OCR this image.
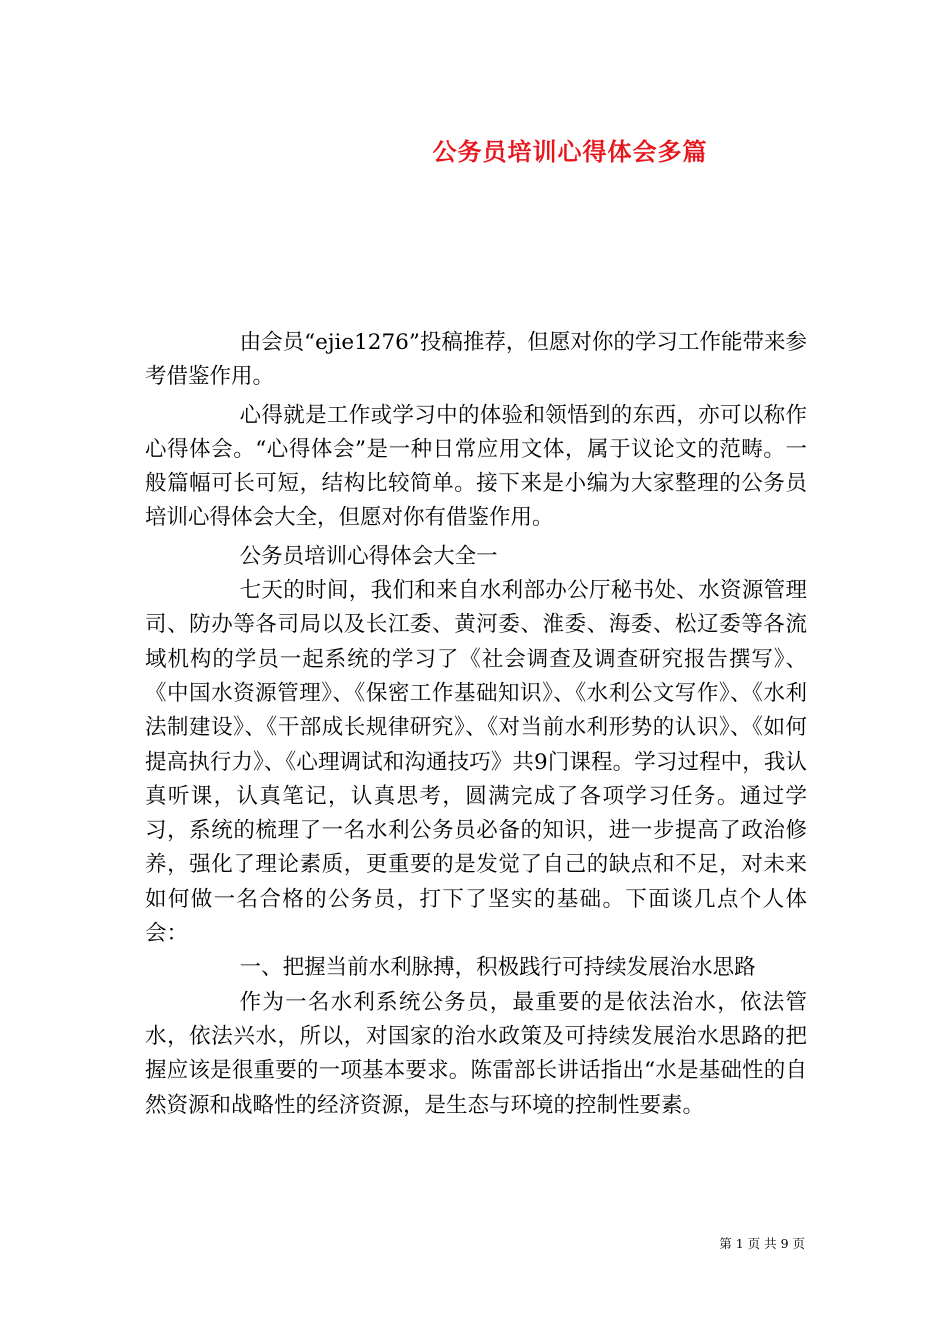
公务员培训心得体会多篇

由会员“ejie1276”投稿推荐，但愿对你的学习工作能带来参考借鉴作用。

心得就是工作或学习中的体验和领悟到的东西，亦可以称作心得体会。“心得体会”是一种日常应用文体，属于议论文的范畴。一般篇幅可长可短，结构比较简单。接下来是小编为大家整理的公务员培训心得体会大全，但愿对你有借鉴作用。

公务员培训心得体会大全一

七天的时间，我们和来自水利部办公厅秘书处、水资源管理司、防办等各司局以及长江委、黄河委、淮委、海委、松辽委等各流域机构的学员一起系统的学习了《社会调查及调查研究报告撰写》、《中国水资源管理》、《保密工作基础知识》、《水利公文写作》、《水利法制建设》、《干部成长规律研究》、《对当前水利形势的认识》、《如何提高执行力》、《心理调试和沟通技巧》共9门课程。学习过程中，我认真听课，认真笔记，认真思考，圆满完成了各项学习任务。通过学习，系统的梳理了一名水利公务员必备的知识，进一步提高了政治修养，强化了理论素质，更重要的是发觉了自己的缺点和不足，对未来如何做一名合格的公务员，打下了坚实的基础。下面谈几点个人体会：

一、把握当前水利脉搏，积极践行可持续发展治水思路

作为一名水利系统公务员，最重要的是依法治水，依法管水，依法兴水，所以，对国家的治水政策及可持续发展治水思路的把握应该是很重要的一项基本要求。陈雷部长讲话指出“水是基础性的自然资源和战略性的经济资源，是生态与环境的控制性要素。

第 1 页 共 9 页
